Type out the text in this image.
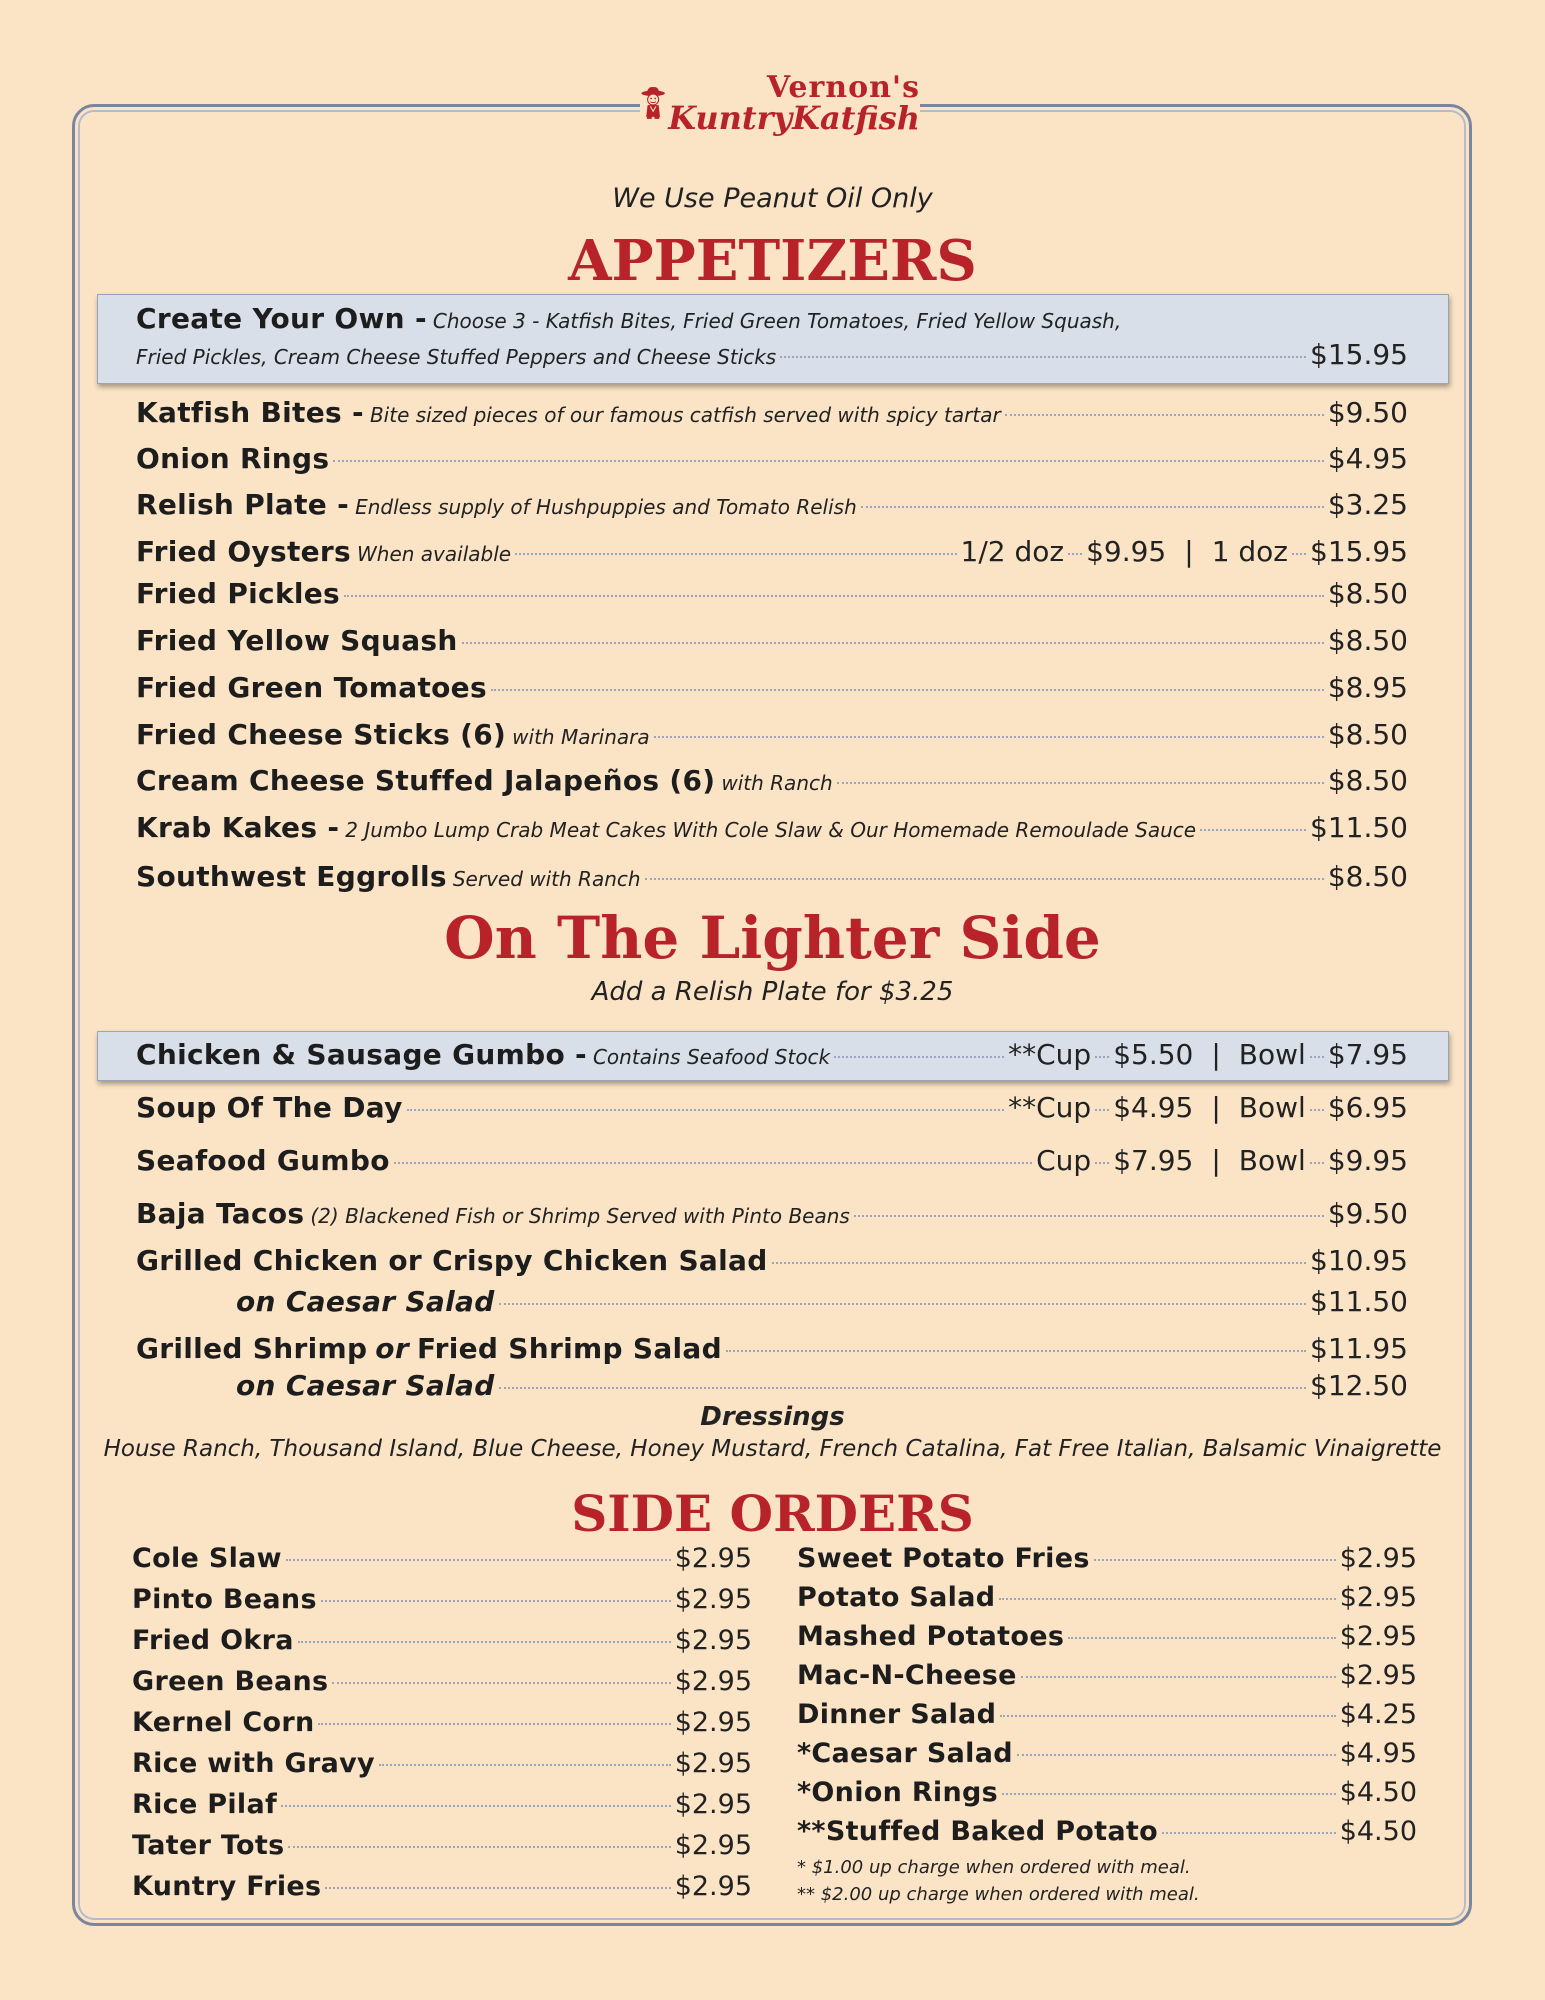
Vernon's
KuntryKatfish
We Use Peanut Oil Only
APPETIZERS
Create Your Own - Choose 3 - Katfish Bites, Fried Green Tomatoes, Fried Yellow Squash,
Fried Pickles, Cream Cheese Stuffed Peppers and Cheese Sticks	$15.95
Katfish Bites - Bite sized pieces of our famous catfish served with spicy tartar	$9.50
Onion Rings	$4.95
Relish Plate - Endless supply of Hushpuppies and Tomato Relish	$3.25
Fried Oysters When available	1/2 doz $9.95 | 1 doz $15.95
Fried Pickles	$8.50
Fried Yellow Squash	$8.50
Fried Green Tomatoes	$8.95
Fried Cheese Sticks (6) with Marinara	$8.50
Cream Cheese Stuffed Jalapeños (6) with Ranch	$8.50
Krab Kakes - 2 Jumbo Lump Crab Meat Cakes With Cole Slaw & Our Homemade Remoulade Sauce	$11.50
Southwest Eggrolls Served with Ranch	$8.50
On The Lighter Side
Add a Relish Plate for $3.25
Chicken & Sausage Gumbo - Contains Seafood Stock	**Cup $5.50 | Bowl $7.95
Soup Of The Day	**Cup $4.95 | Bowl $6.95
Seafood Gumbo	Cup $7.95 | Bowl $9.95
Baja Tacos (2) Blackened Fish or Shrimp Served with Pinto Beans	$9.50
Grilled Chicken or Crispy Chicken Salad	$10.95
on Caesar Salad	$11.50
Grilled Shrimp or Fried Shrimp Salad	$11.95
on Caesar Salad	$12.50
Dressings
House Ranch, Thousand Island, Blue Cheese, Honey Mustard, French Catalina, Fat Free Italian, Balsamic Vinaigrette
SIDE ORDERS
Cole Slaw	$2.95
Pinto Beans	$2.95
Fried Okra	$2.95
Green Beans	$2.95
Kernel Corn	$2.95
Rice with Gravy	$2.95
Rice Pilaf	$2.95
Tater Tots	$2.95
Kuntry Fries	$2.95
Sweet Potato Fries	$2.95
Potato Salad	$2.95
Mashed Potatoes	$2.95
Mac-N-Cheese	$2.95
Dinner Salad	$4.25
*Caesar Salad	$4.95
*Onion Rings	$4.50
**Stuffed Baked Potato	$4.50
* $1.00 up charge when ordered with meal.
** $2.00 up charge when ordered with meal.
